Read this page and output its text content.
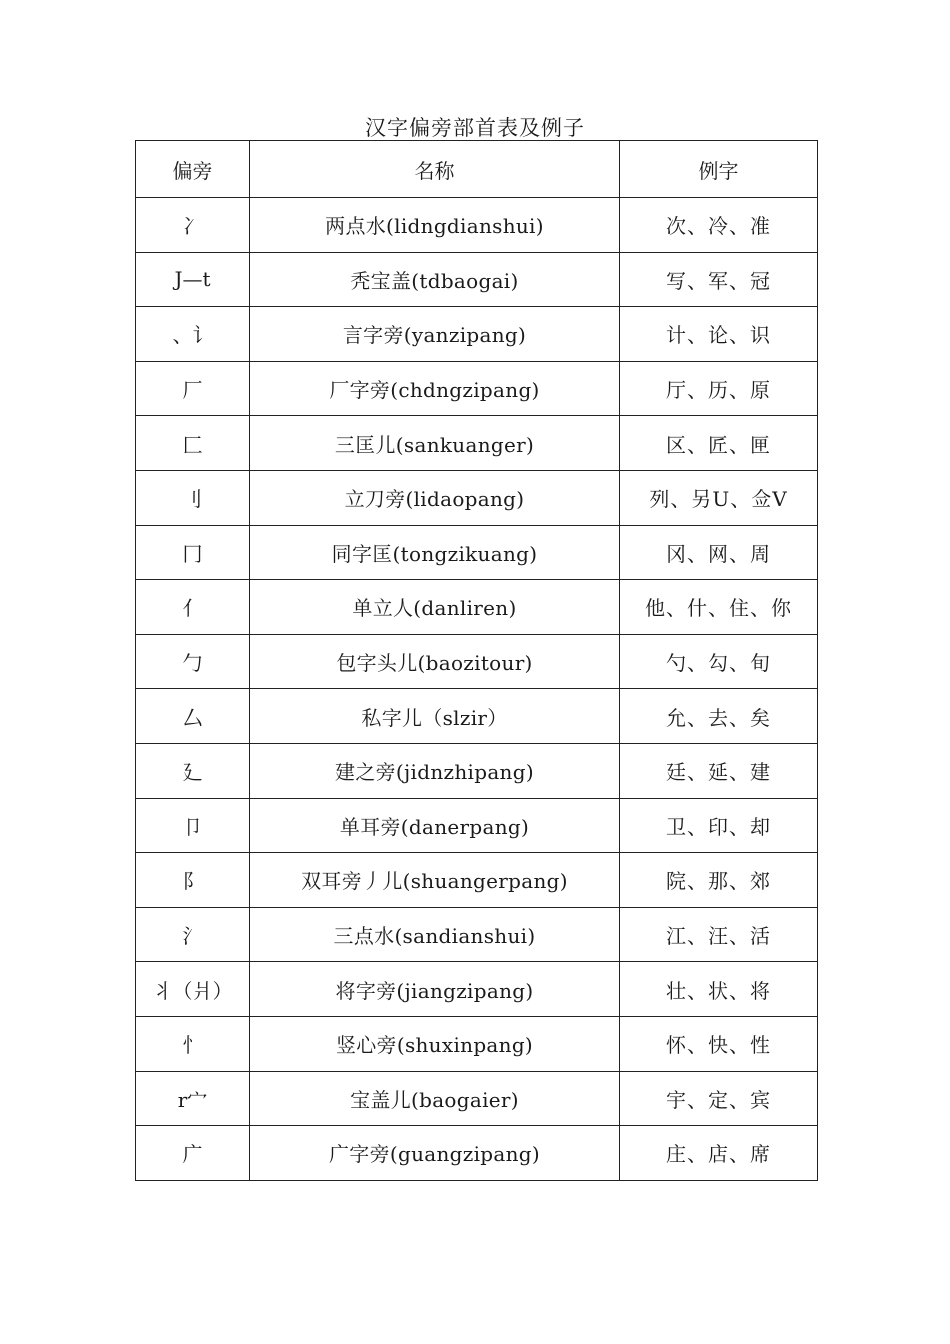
汉字偏旁部首表及例子
偏旁	名称	例字
冫	两点水(lidngdianshui)	次、冷、准
J—t	秃宝盖(tdbaogai)	写、军、冠
、讠	言字旁(yanzipang)	计、论、识
厂	厂字旁(chdngzipang)	厅、历、原
匚	三匡儿(sankuanger)	区、匠、匣
刂	立刀旁(lidaopang)	列、另U、佥V
冂	同字匡(tongzikuang)	冈、网、周
亻	单立人(danliren)	他、什、住、你
勹	包字头儿(baozitour)	勺、勾、旬
厶	私字儿（slzir）	允、去、矣
廴	建之旁(jidnzhipang)	廷、延、建
卩	单耳旁(danerpang)	卫、印、却
阝	双耳旁丿儿(shuangerpang)	院、那、郊
氵	三点水(sandianshui)	江、汪、活
丬（爿）	将字旁(jiangzipang)	壮、状、将
忄	竖心旁(shuxinpang)	怀、快、性
r宀	宝盖儿(baogaier)	宇、定、宾
广	广字旁(guangzipang)	庄、店、席
